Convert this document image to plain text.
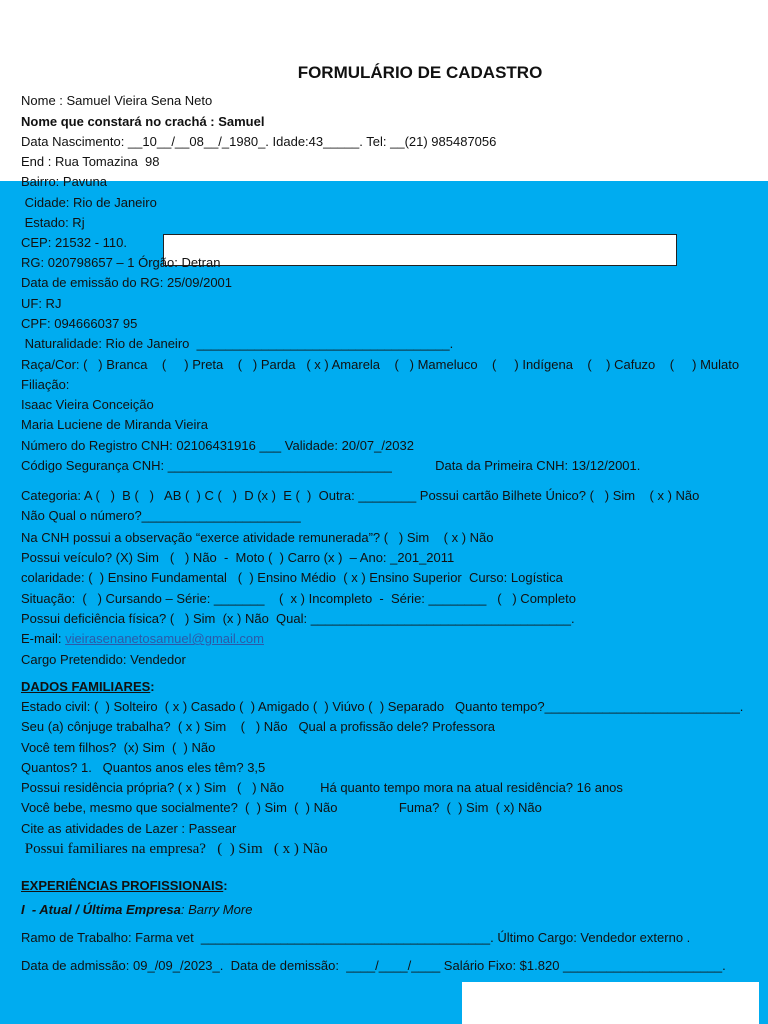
FORMULÁRIO DE CADASTRO
Nome : Samuel Vieira Sena Neto
Nome que constará no crachá : Samuel
Data Nascimento: __10__/__08__/_1980_. Idade:43_____. Tel: __(21) 985487056
End : Rua Tomazina  98
Bairro: Pavuna
Cidade: Rio de Janeiro
Estado: Rj
CEP: 21532 - 110.
RG: 020798657 – 1 Órgão: Detran
Data de emissão do RG: 25/09/2001
UF: RJ
CPF: 094666037 95
Naturalidade: Rio de Janeiro  ___________________________________.
Raça/Cor: (   ) Branca    (     ) Preta    (   ) Parda   ( x ) Amarela    (   ) Mameluco    (     ) Indígena    (    ) Cafuzo    (     ) Mulato
Filiação:
Isaac Vieira Conceição
Maria Luciene de Miranda Vieira
Número do Registro CNH: 02106431916 ___ Validade: 20/07_/2032
Código Segurança CNH: _______________________________            Data da Primeira CNH: 13/12/2001.
Categoria: A (   )  B (   )   AB (  ) C (   )  D (x )  E (  )  Outra: ________ Possui cartão Bilhete Único? (   ) Sim    ( x ) Não
Não Qual o número?______________________
Na CNH possui a observação “exerce atividade remunerada”? (   ) Sim    ( x ) Não
Possui veículo? (X) Sim   (   ) Não  -  Moto (  ) Carro (x )  – Ano: _201_2011
colaridade: (  ) Ensino Fundamental   (  ) Ensino Médio  ( x ) Ensino Superior  Curso: Logística
Situação:  (   ) Cursando – Série: _______    (  x ) Incompleto  -  Série: ________   (   ) Completo
Possui deficiência física? (   ) Sim  (x ) Não  Qual: ____________________________________.
E-mail: vieirasenanetosamuel@gmail.com
Cargo Pretendido: Vendedor
DADOS FAMILIARES:
Estado civil: (  ) Solteiro  ( x ) Casado (  ) Amigado (  ) Viúvo (  ) Separado   Quanto tempo?___________________________.
Seu (a) cônjuge trabalha?  ( x ) Sim    (   ) Não   Qual a profissão dele? Professora
Você tem filhos?  (x) Sim  (  ) Não
Quantos? 1.   Quantos anos eles têm? 3,5
Possui residência própria? ( x ) Sim   (   ) Não          Há quanto tempo mora na atual residência? 16 anos
Você bebe, mesmo que socialmente?  (  ) Sim  (  ) Não                 Fuma?  (  ) Sim  ( x) Não
Cite as atividades de Lazer : Passear
Possui familiares na empresa?   (  ) Sim   ( x ) Não
EXPERIÊNCIAS PROFISSIONAIS:
I  - Atual / Última Empresa: Barry More
Ramo de Trabalho: Farma vet  ________________________________________. Último Cargo: Vendedor externo .
Data de admissão: 09_/09_/2023_.  Data de demissão:  ____/____/____ Salário Fixo: $1.820 ______________________.
